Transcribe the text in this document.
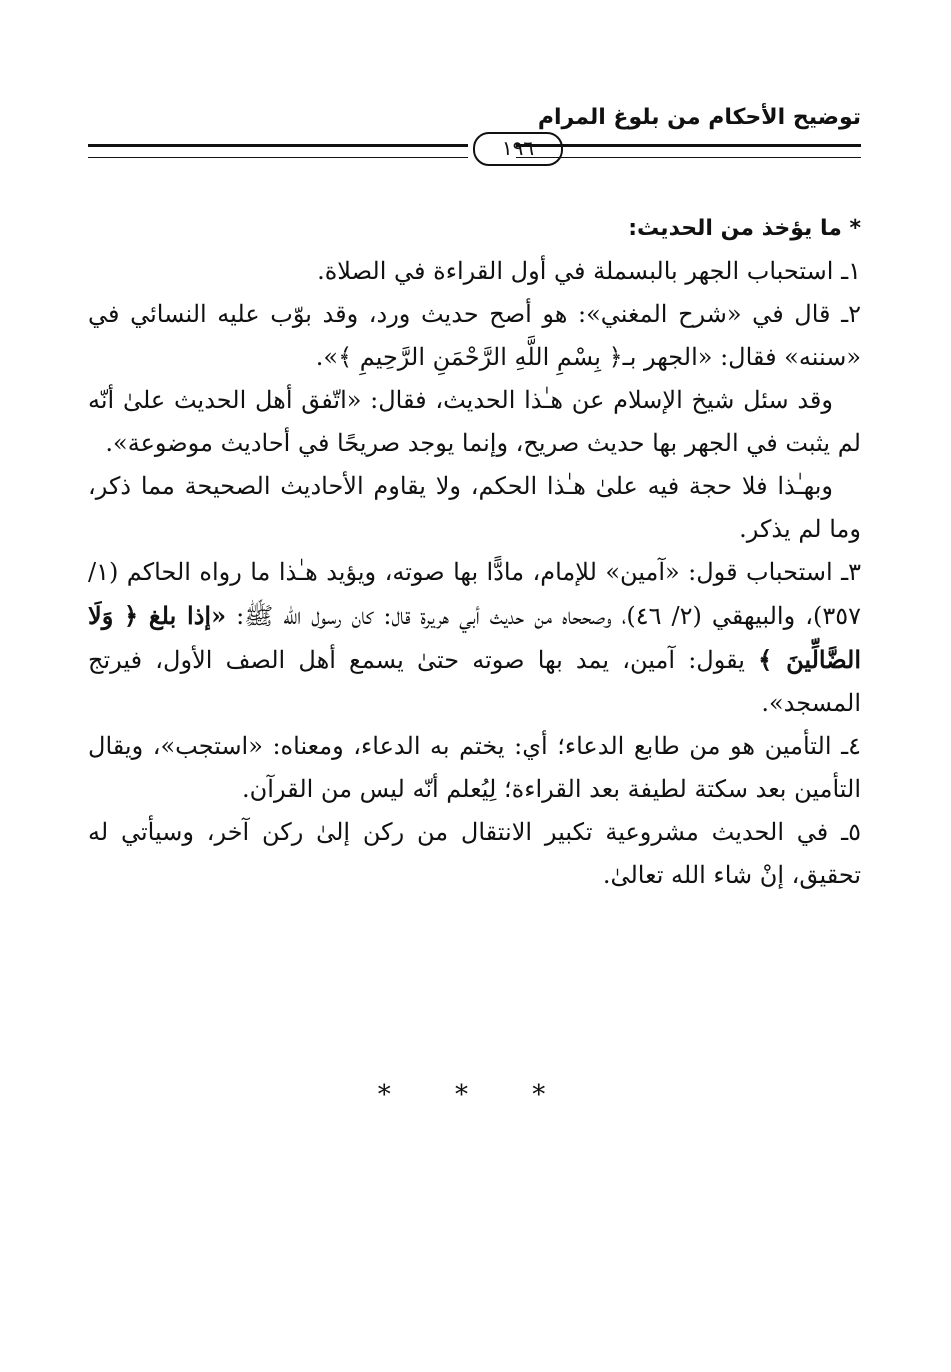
توضيح الأحكام من بلوغ المرام
١٩٦

* ما يؤخذ من الحديث:

١ـ استحباب الجهر بالبسملة في أول القراءة في الصلاة.

٢ـ قال في «شرح المغني»: هو أصح حديث ورد، وقد بوّب عليه النسائي في «سننه» فقال: «الجهر بـ﴿ بِسْمِ اللَّهِ الرَّحْمَنِ الرَّحِيمِ ﴾».

وقد سئل شيخ الإسلام عن هـٰذا الحديث، فقال: «اتّفق أهل الحديث علىٰ أنّه لم يثبت في الجهر بها حديث صريح، وإنما يوجد صريحًا في أحاديث موضوعة».

وبهـٰذا فلا حجة فيه علىٰ هـٰذا الحكم، ولا يقاوم الأحاديث الصحيحة مما ذكر، وما لم يذكر.

٣ـ استحباب قول: «آمين» للإمام، مادًّا بها صوته، ويؤيد هـٰذا ما رواه الحاكم (١/ ٣٥٧)، والبيهقي (٢/ ٤٦)، وصححاه من حديث أبي هريرة قال: كان رسول الله ﷺ: «إذا بلغ ﴿ وَلَا الضَّالِّينَ ﴾ يقول: آمين، يمد بها صوته حتىٰ يسمع أهل الصف الأول، فيرتج المسجد».

٤ـ التأمين هو من طابع الدعاء؛ أي: يختم به الدعاء، ومعناه: «استجب»، ويقال التأمين بعد سكتة لطيفة بعد القراءة؛ لِيُعلم أنّه ليس من القرآن.

٥ـ في الحديث مشروعية تكبير الانتقال من ركن إلىٰ ركن آخر، وسيأتي له تحقيق، إنْ شاء الله تعالىٰ.

* * *
